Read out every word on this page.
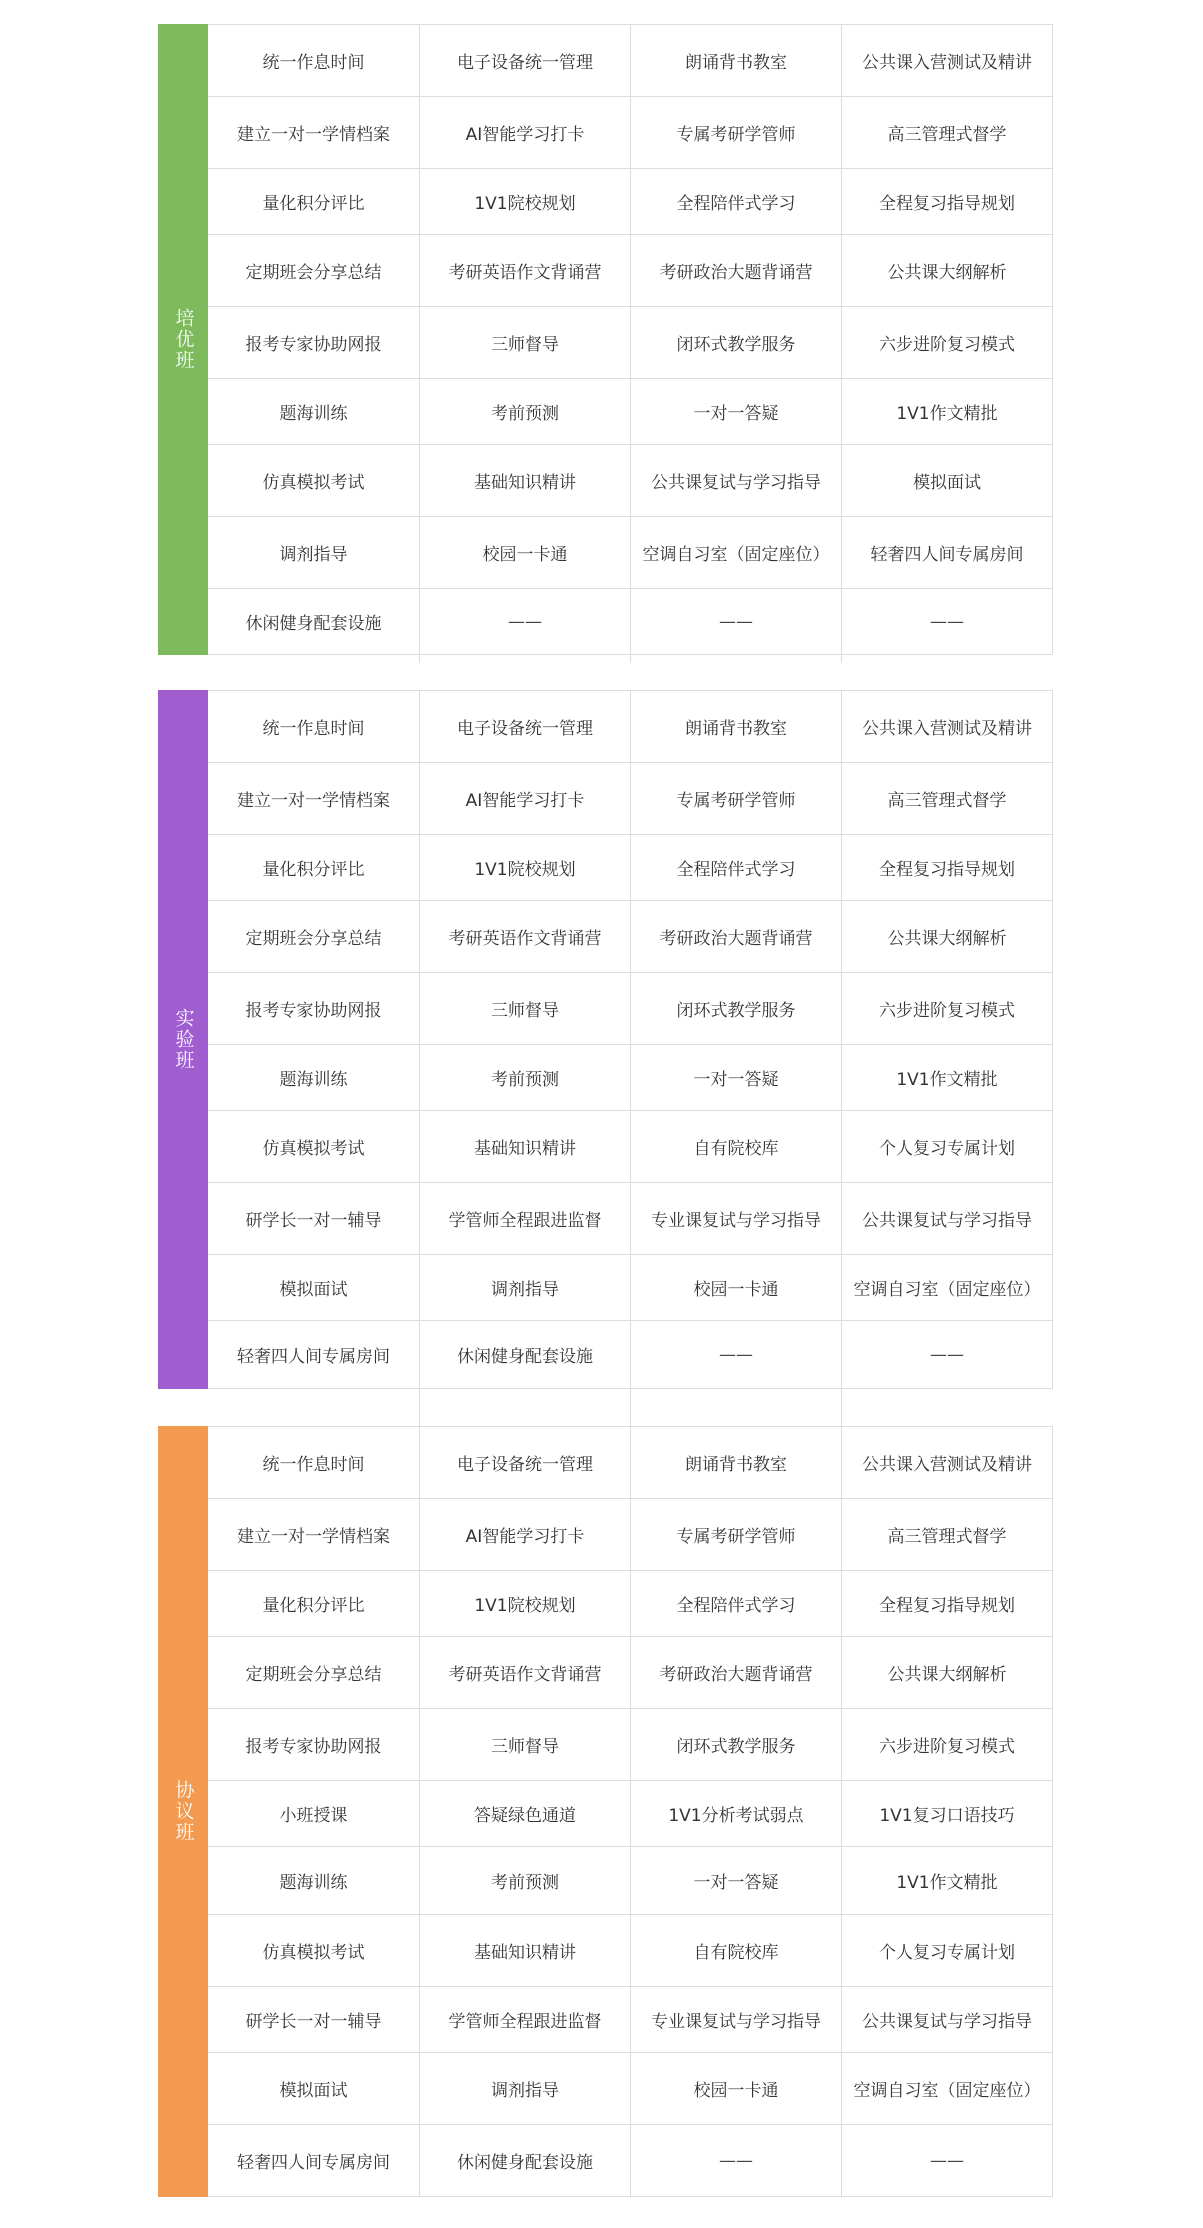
培优班
统一作息时间	电子设备统一管理	朗诵背书教室	公共课入营测试及精讲
建立一对一学情档案	AI智能学习打卡	专属考研学管师	高三管理式督学
量化积分评比	1V1院校规划	全程陪伴式学习	全程复习指导规划
定期班会分享总结	考研英语作文背诵营	考研政治大题背诵营	公共课大纲解析
报考专家协助网报	三师督导	闭环式教学服务	六步进阶复习模式
题海训练	考前预测	一对一答疑	1V1作文精批
仿真模拟考试	基础知识精讲	公共课复试与学习指导	模拟面试
调剂指导	校园一卡通	空调自习室（固定座位）	轻奢四人间专属房间
休闲健身配套设施	——	——	——
实验班
统一作息时间	电子设备统一管理	朗诵背书教室	公共课入营测试及精讲
建立一对一学情档案	AI智能学习打卡	专属考研学管师	高三管理式督学
量化积分评比	1V1院校规划	全程陪伴式学习	全程复习指导规划
定期班会分享总结	考研英语作文背诵营	考研政治大题背诵营	公共课大纲解析
报考专家协助网报	三师督导	闭环式教学服务	六步进阶复习模式
题海训练	考前预测	一对一答疑	1V1作文精批
仿真模拟考试	基础知识精讲	自有院校库	个人复习专属计划
研学长一对一辅导	学管师全程跟进监督	专业课复试与学习指导	公共课复试与学习指导
模拟面试	调剂指导	校园一卡通	空调自习室（固定座位）
轻奢四人间专属房间	休闲健身配套设施	——	——
协议班
统一作息时间	电子设备统一管理	朗诵背书教室	公共课入营测试及精讲
建立一对一学情档案	AI智能学习打卡	专属考研学管师	高三管理式督学
量化积分评比	1V1院校规划	全程陪伴式学习	全程复习指导规划
定期班会分享总结	考研英语作文背诵营	考研政治大题背诵营	公共课大纲解析
报考专家协助网报	三师督导	闭环式教学服务	六步进阶复习模式
小班授课	答疑绿色通道	1V1分析考试弱点	1V1复习口语技巧
题海训练	考前预测	一对一答疑	1V1作文精批
仿真模拟考试	基础知识精讲	自有院校库	个人复习专属计划
研学长一对一辅导	学管师全程跟进监督	专业课复试与学习指导	公共课复试与学习指导
模拟面试	调剂指导	校园一卡通	空调自习室（固定座位）
轻奢四人间专属房间	休闲健身配套设施	——	——
